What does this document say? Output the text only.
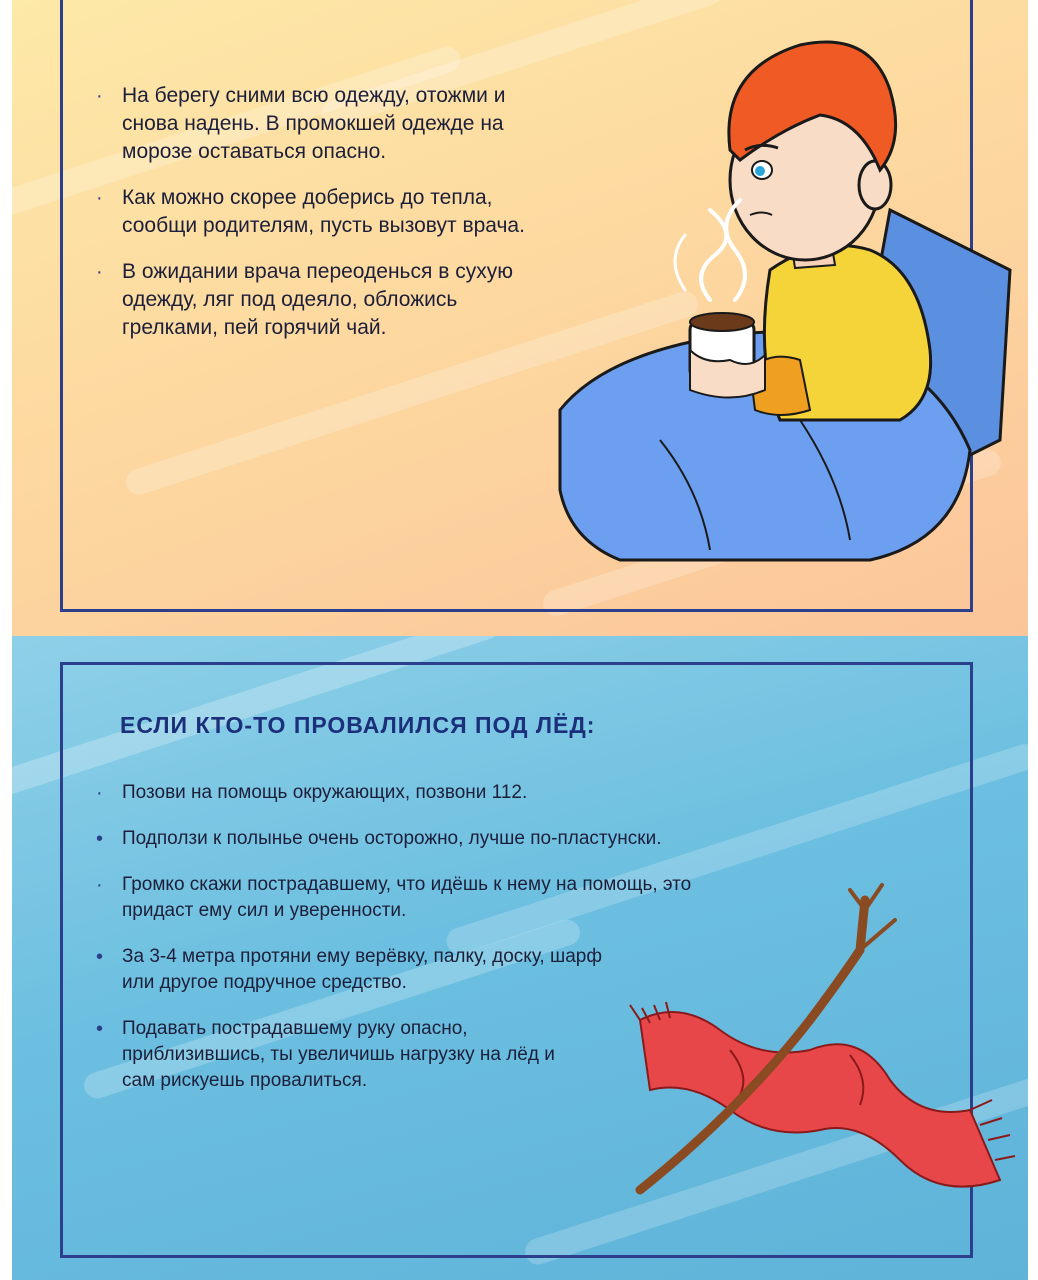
· На берегу сними всю одежду, отожми и снова надень. В промокшей одежде на морозе оставаться опасно.
· Как можно скорее доберись до тепла, сообщи родителям, пусть вызовут врача.
· В ожидании врача переоденься в сухую одежду, ляг под одеяло, обложись грелками, пей горячий чай.
ЕСЛИ КТО-ТО ПРОВАЛИЛСЯ ПОД ЛЁД:
· Позови на помощь окружающих, позвони 112.
• Подползи к полынье очень осторожно, лучше по-пластунски.
· Громко скажи пострадавшему, что идёшь к нему на помощь, это придаст ему сил и уверенности.
• За 3-4 метра протяни ему верёвку, палку, доску, шарф или другое подручное средство.
• Подавать пострадавшему руку опасно, приблизившись, ты увеличишь нагрузку на лёд и сам рискуешь провалиться.
